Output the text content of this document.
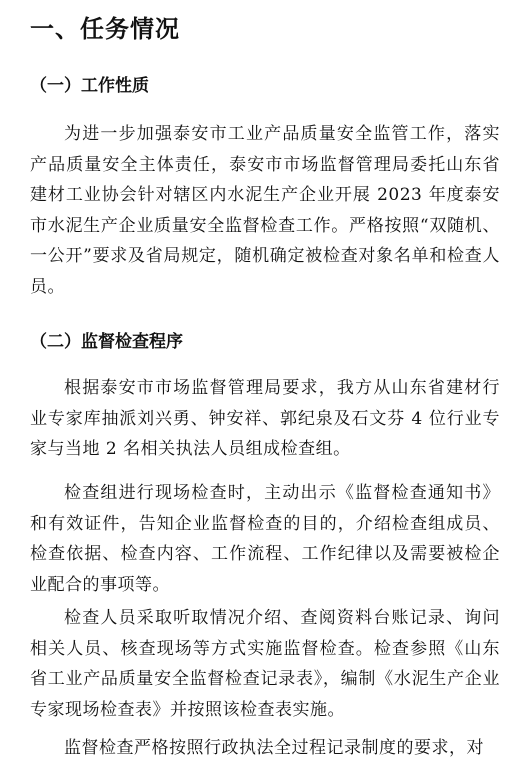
一、任务情况
（一）工作性质

为进一步加强泰安市工业产品质量安全监管工作，落实产品质量安全主体责任，泰安市市场监督管理局委托山东省建材工业协会针对辖区内水泥生产企业开展 2023 年度泰安市水泥生产企业质量安全监督检查工作。严格按照“双随机、一公开”要求及省局规定，随机确定被检查对象名单和检查人员。

（二）监督检查程序

根据泰安市市场监督管理局要求，我方从山东省建材行业专家库抽派刘兴勇、钟安祥、郭纪泉及石文芬 4 位行业专家与当地 2 名相关执法人员组成检查组。

检查组进行现场检查时，主动出示《监督检查通知书》和有效证件，告知企业监督检查的目的，介绍检查组成员、检查依据、检查内容、工作流程、工作纪律以及需要被检企业配合的事项等。

检查人员采取听取情况介绍、查阅资料台账记录、询问相关人员、核查现场等方式实施监督检查。检查参照《山东省工业产品质量安全监督检查记录表》，编制《水泥生产企业专家现场检查表》并按照该检查表实施。

监督检查严格按照行政执法全过程记录制度的要求，对
